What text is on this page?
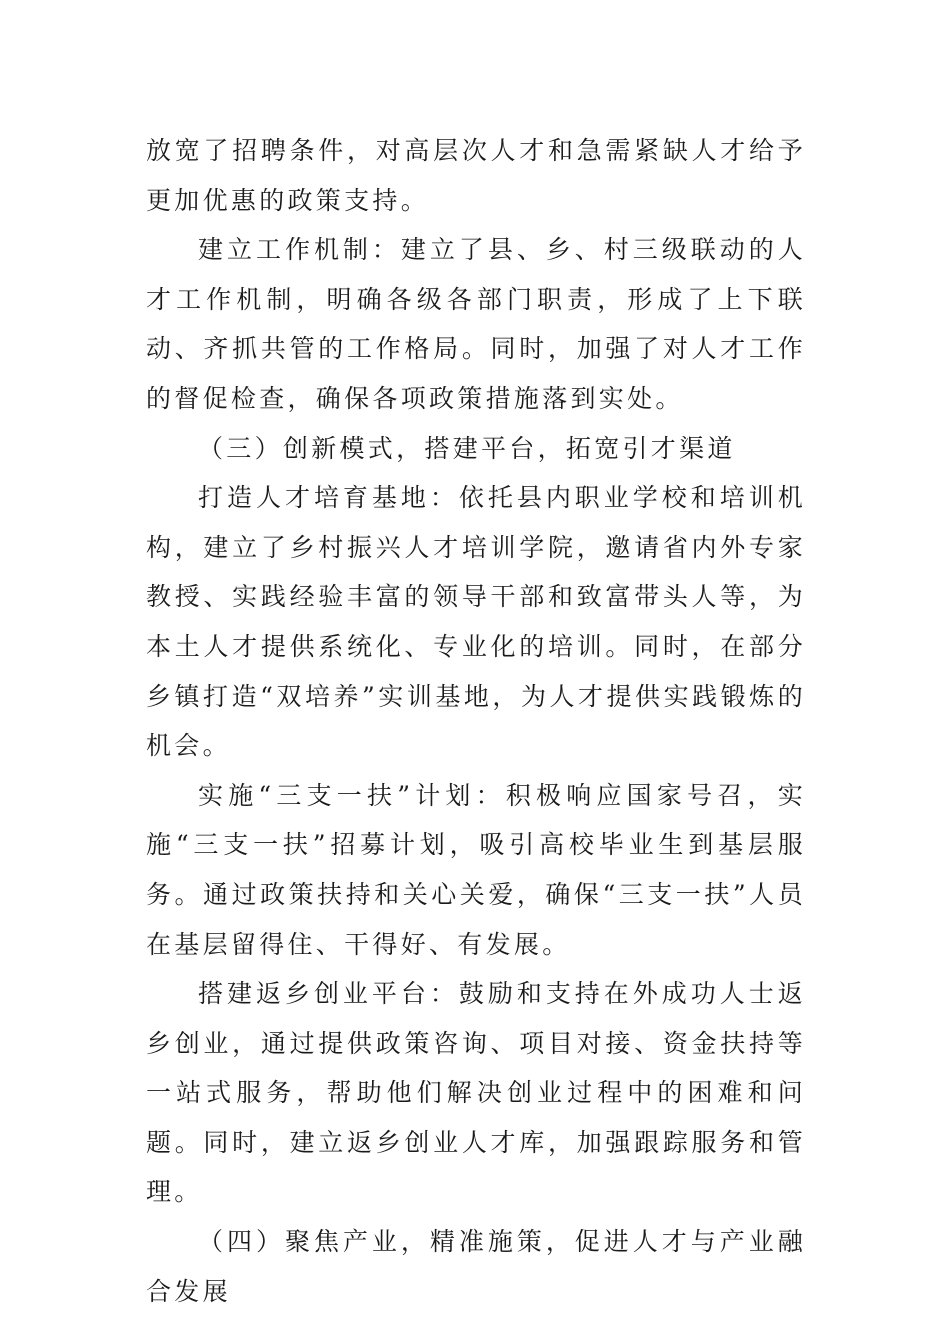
放宽了招聘条件，对高层次人才和急需紧缺人才给予更加优惠的政策支持。

建立工作机制：建立了县、乡、村三级联动的人才工作机制，明确各级各部门职责，形成了上下联动、齐抓共管的工作格局。同时，加强了对人才工作的督促检查，确保各项政策措施落到实处。

（三）创新模式，搭建平台，拓宽引才渠道

打造人才培育基地：依托县内职业学校和培训机构，建立了乡村振兴人才培训学院，邀请省内外专家教授、实践经验丰富的领导干部和致富带头人等，为本土人才提供系统化、专业化的培训。同时，在部分乡镇打造“双培养”实训基地，为人才提供实践锻炼的机会。

实施“三支一扶”计划：积极响应国家号召，实施“三支一扶”招募计划，吸引高校毕业生到基层服务。通过政策扶持和关心关爱，确保“三支一扶”人员在基层留得住、干得好、有发展。

搭建返乡创业平台：鼓励和支持在外成功人士返乡创业，通过提供政策咨询、项目对接、资金扶持等一站式服务，帮助他们解决创业过程中的困难和问题。同时，建立返乡创业人才库，加强跟踪服务和管理。

（四）聚焦产业，精准施策，促进人才与产业融合发展
